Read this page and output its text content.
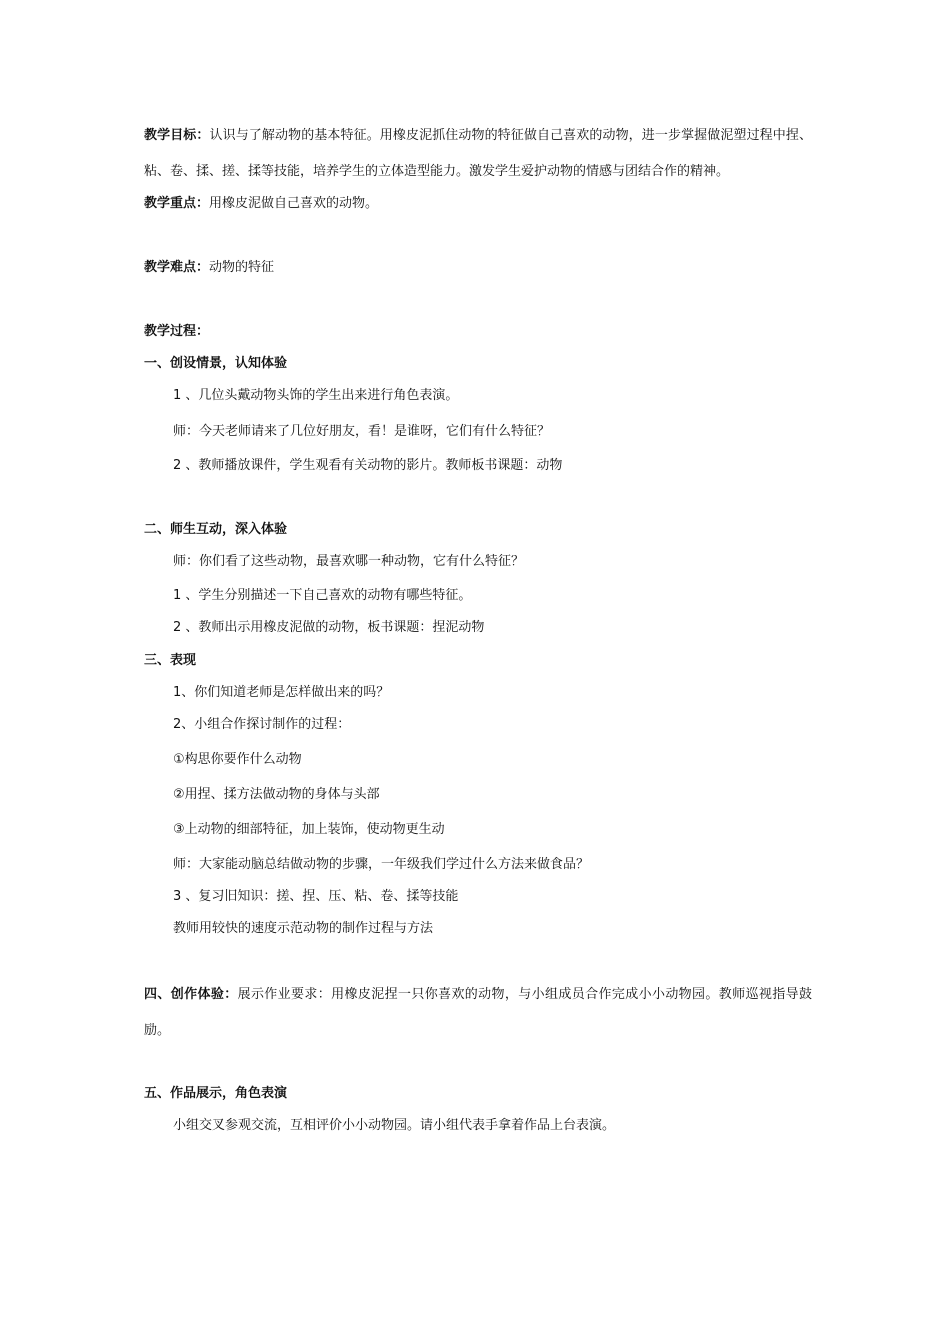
教学目标：认识与了解动物的基本特征。用橡皮泥抓住动物的特征做自己喜欢的动物，进一步掌握做泥塑过程中捏、粘、卷、揉、搓、揉等技能，培养学生的立体造型能力。激发学生爱护动物的情感与团结合作的精神。
教学重点：用橡皮泥做自己喜欢的动物。
教学难点：动物的特征
教学过程：
一、创设情景，认知体验
1 、几位头戴动物头饰的学生出来进行角色表演。
师：今天老师请来了几位好朋友，看！是谁呀，它们有什么特征？
2 、教师播放课件，学生观看有关动物的影片。教师板书课题：动物
二、师生互动，深入体验
师：你们看了这些动物，最喜欢哪一种动物，它有什么特征？
1 、学生分别描述一下自己喜欢的动物有哪些特征。
2 、教师出示用橡皮泥做的动物，板书课题：捏泥动物
三、表现
1、你们知道老师是怎样做出来的吗？
2、小组合作探讨制作的过程：
①构思你要作什么动物
②用捏、揉方法做动物的身体与头部
③上动物的细部特征，加上装饰，使动物更生动
师：大家能动脑总结做动物的步骤，一年级我们学过什么方法来做食品？
3 、复习旧知识：搓、捏、压、粘、卷、揉等技能
教师用较快的速度示范动物的制作过程与方法
四、创作体验：展示作业要求：用橡皮泥捏一只你喜欢的动物，与小组成员合作完成小小动物园。教师巡视指导鼓励。
五、作品展示，角色表演
小组交叉参观交流，互相评价小小动物园。请小组代表手拿着作品上台表演。
